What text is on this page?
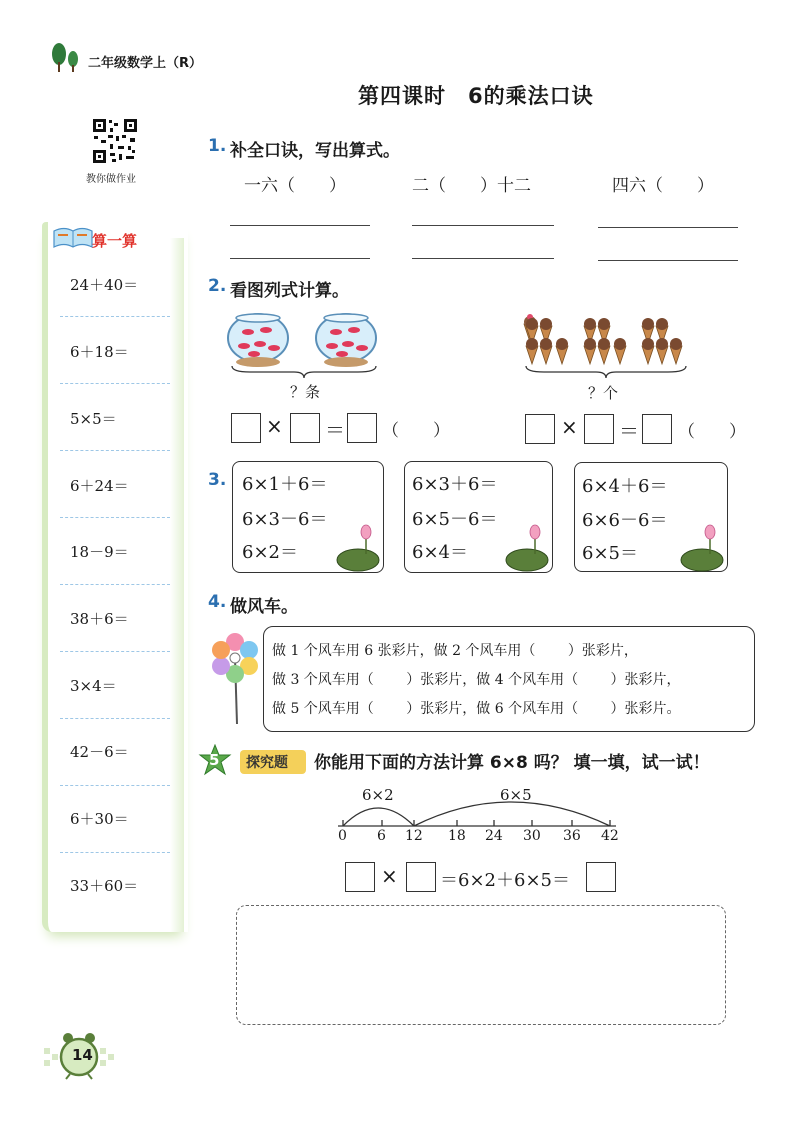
二年级数学上（R）
第四课时　6的乘法口诀
教你做作业
算一算
24＋40＝
6＋18＝
5×5＝
6＋24＝
18－9＝
38＋6＝
3×4＝
42－6＝
6＋30＝
33＋60＝
1. 补全口诀，写出算式。
一六（　　）	二（　　）十二	四六（　　）
2. 看图列式计算。
？条	？个
× ＝ （　　）	× ＝ （　　）
3. 6×1＋6＝
6×3－6＝
6×2＝
6×3＋6＝
6×5－6＝
6×4＝
6×4＋6＝
6×6－6＝
6×5＝
4. 做风车。
做 1 个风车用 6 张彩片，做 2 个风车用（　　 ）张彩片，
做 3 个风车用（　　 ）张彩片，做 4 个风车用（　　 ）张彩片，
做 5 个风车用（　　 ）张彩片，做 6 个风车用（　　 ）张彩片。
5 探究题 你能用下面的方法计算 6×8 吗？ 填一填，试一试！
6×2	6×5
0 6 12 18 24 30 36 42
× ＝6×2＋6×5＝
14
